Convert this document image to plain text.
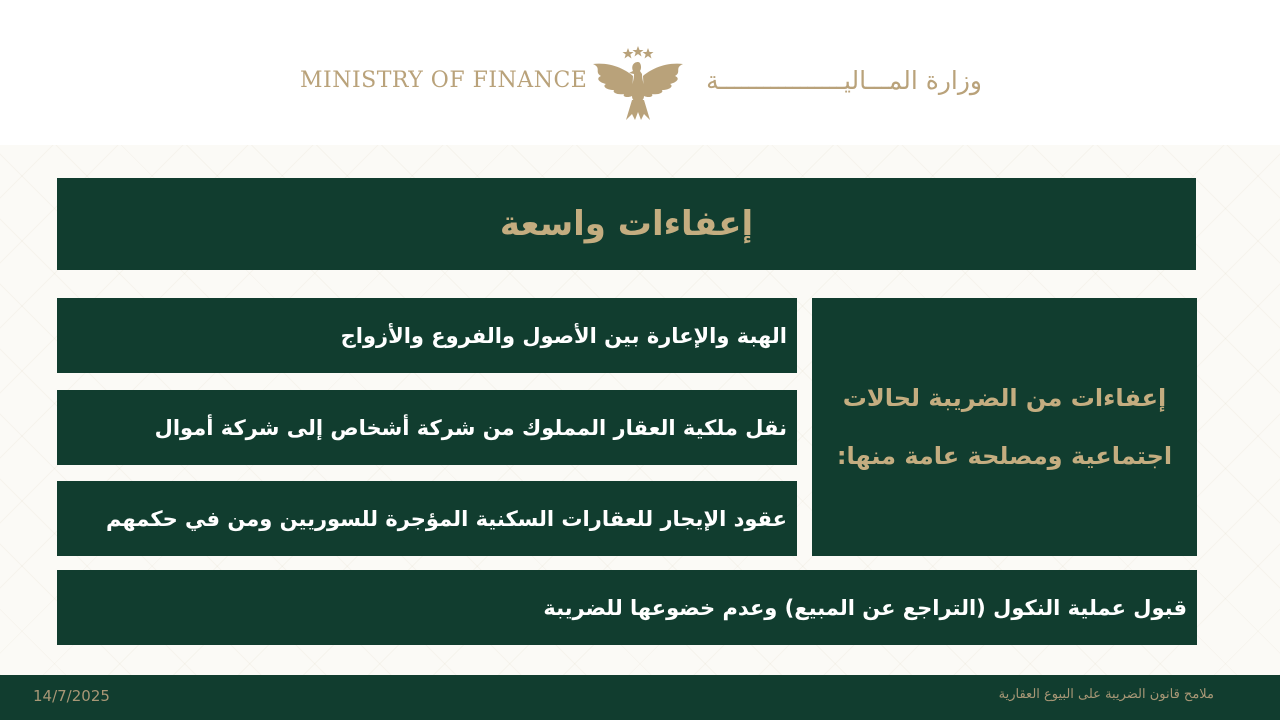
MINISTRY OF FINANCE	وزارة المـــاليـــــــــــــــــة
إعفاءات واسعة
الهبة والإعارة بين الأصول والفروع والأزواج
نقل ملكية العقار المملوك من شركة أشخاص إلى شركة أموال
عقود الإيجار للعقارات السكنية المؤجرة للسوريين ومن في حكمهم
إعفاءات من الضريبة لحالات
اجتماعية ومصلحة عامة منها:
قبول عملية النكول (التراجع عن المبيع) وعدم خضوعها للضريبة
14/7/2025	ملامح قانون الضريبة على البيوع العقارية
